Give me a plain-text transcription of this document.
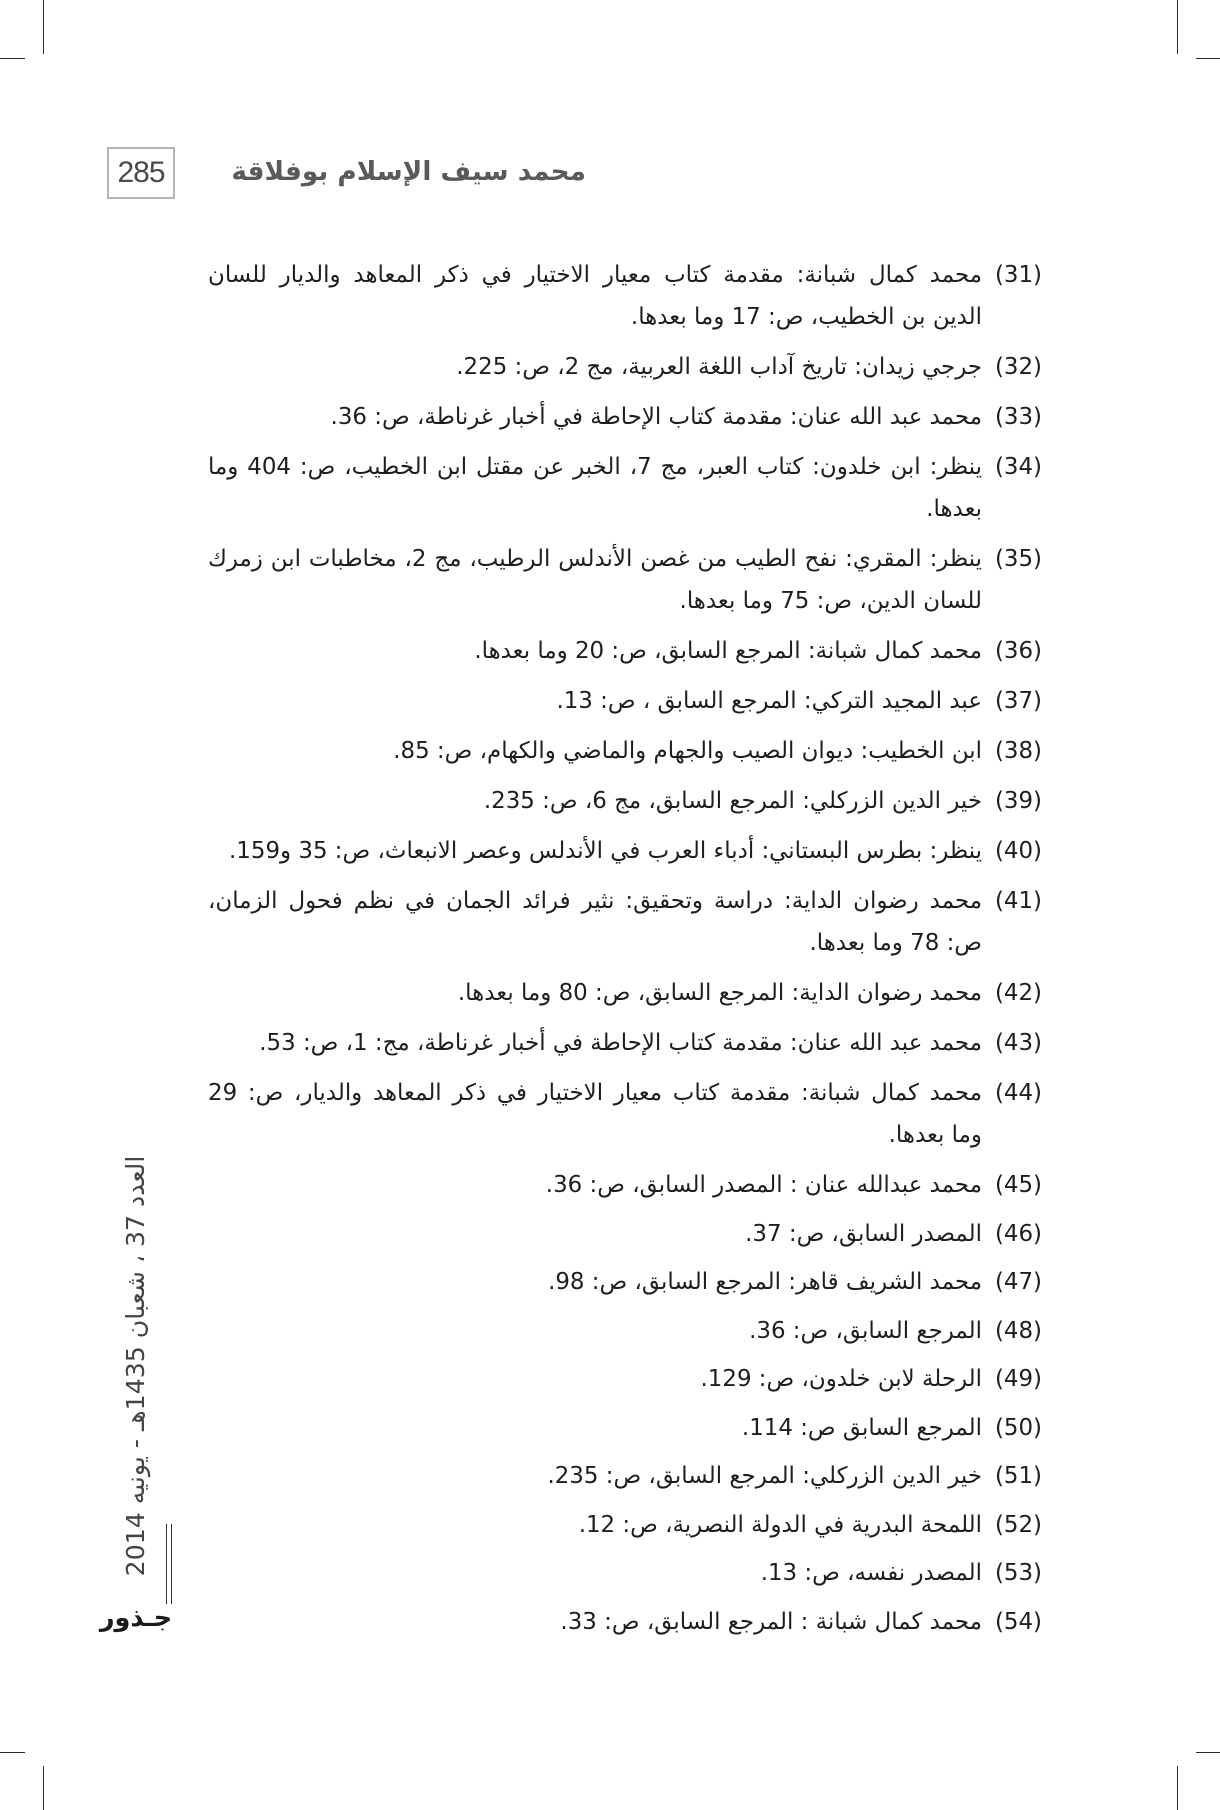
285	محمد سيف الإسلام بوفلاقة
(31)
محمد كمال شبانة: مقدمة كتاب معيار الاختيار في ذكر المعاهد والديار للسان
الدين بن الخطيب، ص: 17 وما بعدها.
(32)
جرجي زيدان: تاريخ آداب اللغة العربية، مج 2، ص: 225.
(33)
محمد عبد الله عنان: مقدمة كتاب الإحاطة في أخبار غرناطة، ص: 36.
(34)
ينظر: ابن خلدون: كتاب العبر، مج 7، الخبر عن مقتل ابن الخطيب، ص: 404 وما
بعدها.
(35)
ينظر: المقري: نفح الطيب من غصن الأندلس الرطيب، مج 2، مخاطبات ابن زمرك
للسان الدين، ص: 75 وما بعدها.
(36)
محمد كمال شبانة: المرجع السابق، ص: 20 وما بعدها.
(37)
عبد المجيد التركي: المرجع السابق ، ص: 13.
(38)
ابن الخطيب: ديوان الصيب والجهام والماضي والكهام، ص: 85.
(39)
خير الدين الزركلي: المرجع السابق، مج 6، ص: 235.
(40)
ينظر: بطرس البستاني: أدباء العرب في الأندلس وعصر الانبعاث، ص: 35 و159.
(41)
محمد رضوان الداية: دراسة وتحقيق: نثير فرائد الجمان في نظم فحول الزمان،
ص: 78 وما بعدها.
(42)
محمد رضوان الداية: المرجع السابق، ص: 80 وما بعدها.
(43)
محمد عبد الله عنان: مقدمة كتاب الإحاطة في أخبار غرناطة، مج: 1، ص: 53.
(44)
محمد كمال شبانة: مقدمة كتاب معيار الاختيار في ذكر المعاهد والديار، ص: 29
وما بعدها.
(45)
محمد عبدالله عنان : المصدر السابق، ص: 36.
(46)
المصدر السابق، ص: 37.
(47)
محمد الشريف قاهر: المرجع السابق، ص: 98.
(48)
المرجع السابق، ص: 36.
(49)
الرحلة لابن خلدون، ص: 129.
(50)
المرجع السابق ص: 114.
(51)
خير الدين الزركلي: المرجع السابق، ص: 235.
(52)
اللمحة البدرية في الدولة النصرية، ص: 12.
(53)
المصدر نفسه، ص: 13.
(54)
محمد كمال شبانة : المرجع السابق، ص: 33.
العدد 37 ، شعبان 1435هـ - يونيه 2014
جـذور
